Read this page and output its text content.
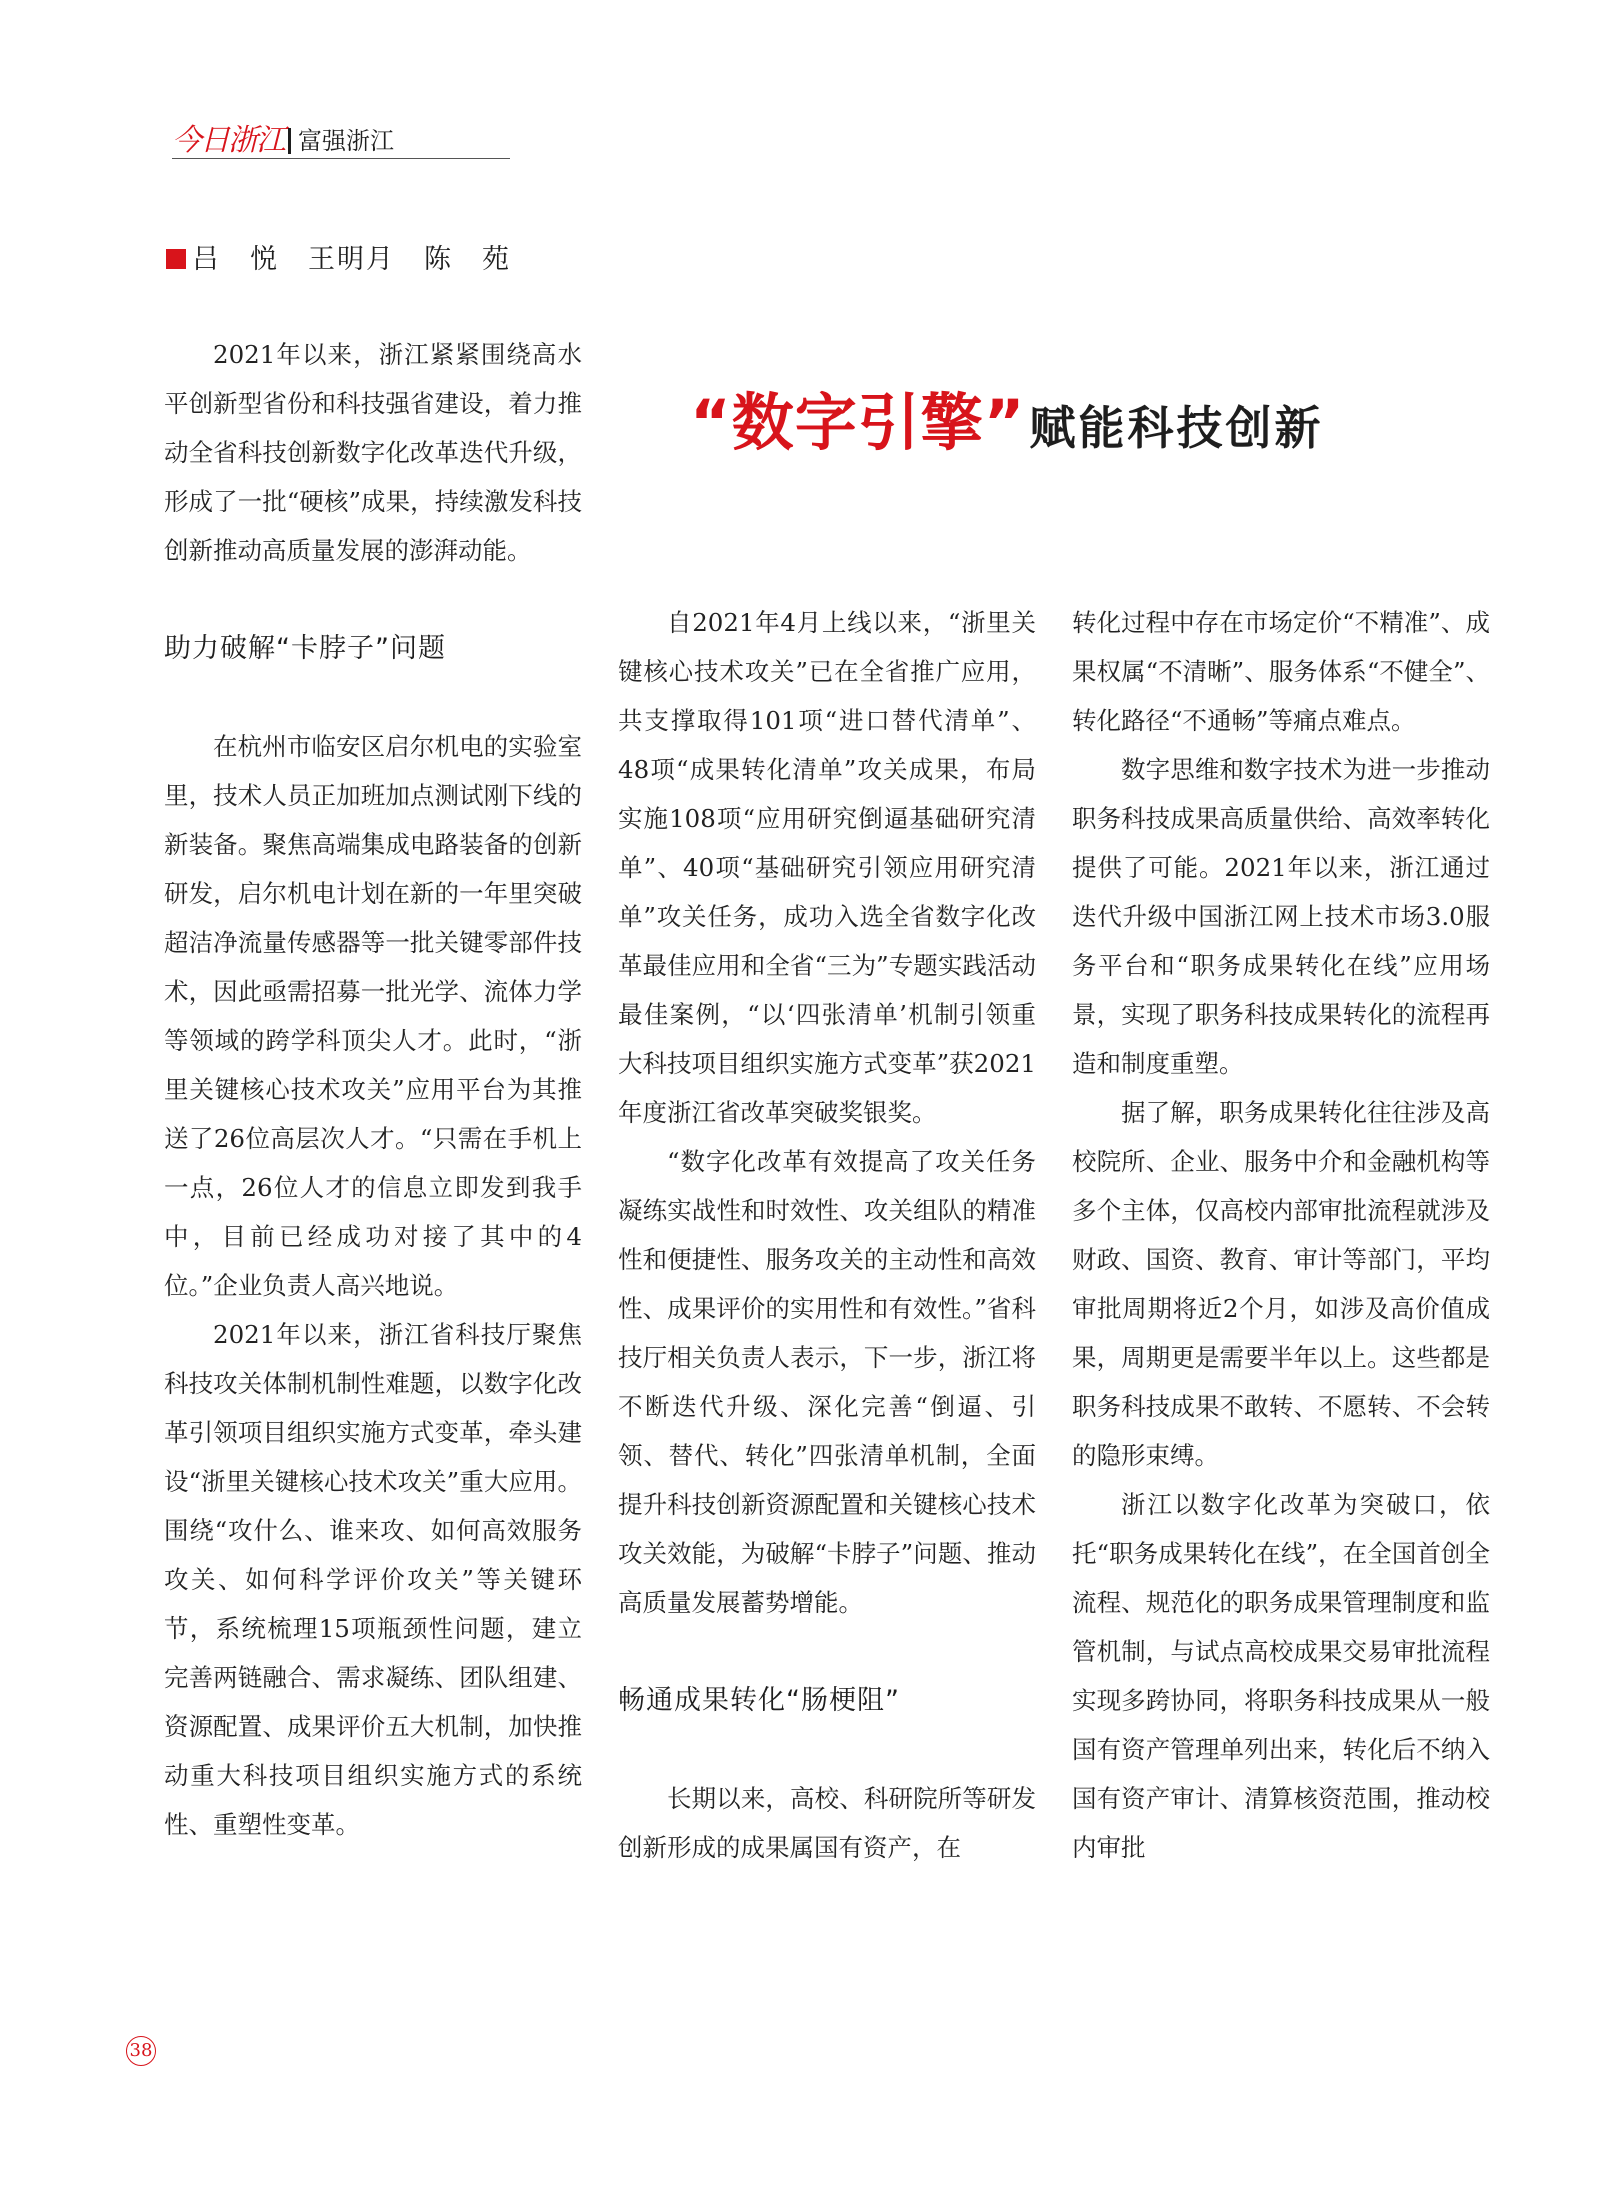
今日浙江 富强浙江
吕　悦　王明月　陈　苑
“数字引擎”赋能科技创新

2021年以来，浙江紧紧围绕高水平创新型省份和科技强省建设，着力推动全省科技创新数字化改革迭代升级，形成了一批“硬核”成果，持续激发科技创新推动高质量发展的澎湃动能。

助力破解“卡脖子”问题

在杭州市临安区启尔机电的实验室里，技术人员正加班加点测试刚下线的新装备。聚焦高端集成电路装备的创新研发，启尔机电计划在新的一年里突破超洁净流量传感器等一批关键零部件技术，因此亟需招募一批光学、流体力学等领域的跨学科顶尖人才。此时，“浙里关键核心技术攻关”应用平台为其推送了26位高层次人才。“只需在手机上一点，26位人才的信息立即发到我手中，目前已经成功对接了其中的4位。”企业负责人高兴地说。

2021年以来，浙江省科技厅聚焦科技攻关体制机制性难题，以数字化改革引领项目组织实施方式变革，牵头建设“浙里关键核心技术攻关”重大应用。围绕“攻什么、谁来攻、如何高效服务攻关、如何科学评价攻关”等关键环节，系统梳理15项瓶颈性问题，建立完善两链融合、需求凝练、团队组建、资源配置、成果评价五大机制，加快推动重大科技项目组织实施方式的系统性、重塑性变革。

自2021年4月上线以来，“浙里关键核心技术攻关”已在全省推广应用，共支撑取得101项“进口替代清单”、48项“成果转化清单”攻关成果，布局实施108项“应用研究倒逼基础研究清单”、40项“基础研究引领应用研究清单”攻关任务，成功入选全省数字化改革最佳应用和全省“三为”专题实践活动最佳案例，“以‘四张清单’机制引领重大科技项目组织实施方式变革”获2021年度浙江省改革突破奖银奖。

“数字化改革有效提高了攻关任务凝练实战性和时效性、攻关组队的精准性和便捷性、服务攻关的主动性和高效性、成果评价的实用性和有效性。”省科技厅相关负责人表示，下一步，浙江将不断迭代升级、深化完善“倒逼、引领、替代、转化”四张清单机制，全面提升科技创新资源配置和关键核心技术攻关效能，为破解“卡脖子”问题、推动高质量发展蓄势增能。

畅通成果转化“肠梗阻”

长期以来，高校、科研院所等研发创新形成的成果属国有资产，在

转化过程中存在市场定价“不精准”、成果权属“不清晰”、服务体系“不健全”、转化路径“不通畅”等痛点难点。

数字思维和数字技术为进一步推动职务科技成果高质量供给、高效率转化提供了可能。2021年以来，浙江通过迭代升级中国浙江网上技术市场3.0服务平台和“职务成果转化在线”应用场景，实现了职务科技成果转化的流程再造和制度重塑。

据了解，职务成果转化往往涉及高校院所、企业、服务中介和金融机构等多个主体，仅高校内部审批流程就涉及财政、国资、教育、审计等部门，平均审批周期将近2个月，如涉及高价值成果，周期更是需要半年以上。这些都是职务科技成果不敢转、不愿转、不会转的隐形束缚。

浙江以数字化改革为突破口，依托“职务成果转化在线”，在全国首创全流程、规范化的职务成果管理制度和监管机制，与试点高校成果交易审批流程实现多跨协同，将职务科技成果从一般国有资产管理单列出来，转化后不纳入国有资产审计、清算核资范围，推动校内审批

38
